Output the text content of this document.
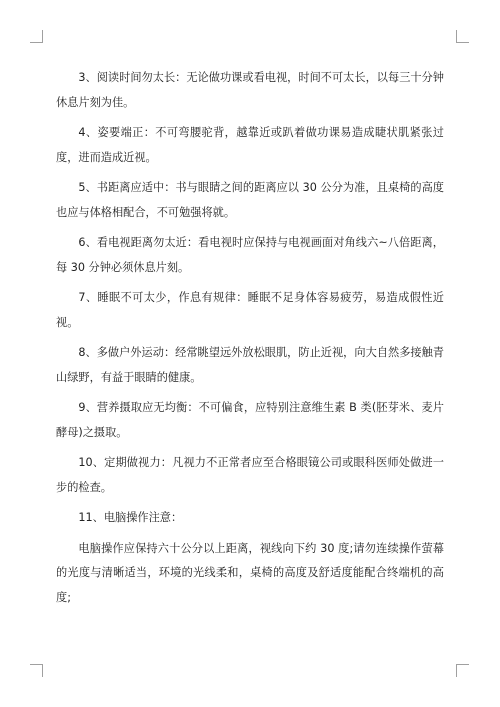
3、阅读时间勿太长：无论做功课或看电视，时间不可太长，以每三十分钟休息片刻为佳。

4、姿要端正：不可弯腰驼背，越靠近或趴着做功课易造成睫状肌紧张过度，进而造成近视。

5、书距离应适中：书与眼睛之间的距离应以 30 公分为准，且桌椅的高度也应与体格相配合，不可勉强将就。

6、看电视距离勿太近：看电视时应保持与电视画面对角线六~八倍距离，每 30 分钟必须休息片刻。

7、睡眠不可太少，作息有规律：睡眠不足身体容易疲劳，易造成假性近视。

8、多做户外运动：经常眺望远外放松眼肌，防止近视，向大自然多接触青山绿野，有益于眼睛的健康。

9、营养摄取应无均衡：不可偏食，应特别注意维生素 B 类(胚芽米、麦片酵母)之摄取。

10、定期做视力：凡视力不正常者应至合格眼镜公司或眼科医师处做进一步的检查。

11、电脑操作注意：

电脑操作应保持六十公分以上距离，视线向下约 30 度;请勿连续操作萤幕的光度与清晰适当，环境的光线柔和，桌椅的高度及舒适度能配合终端机的高度;
